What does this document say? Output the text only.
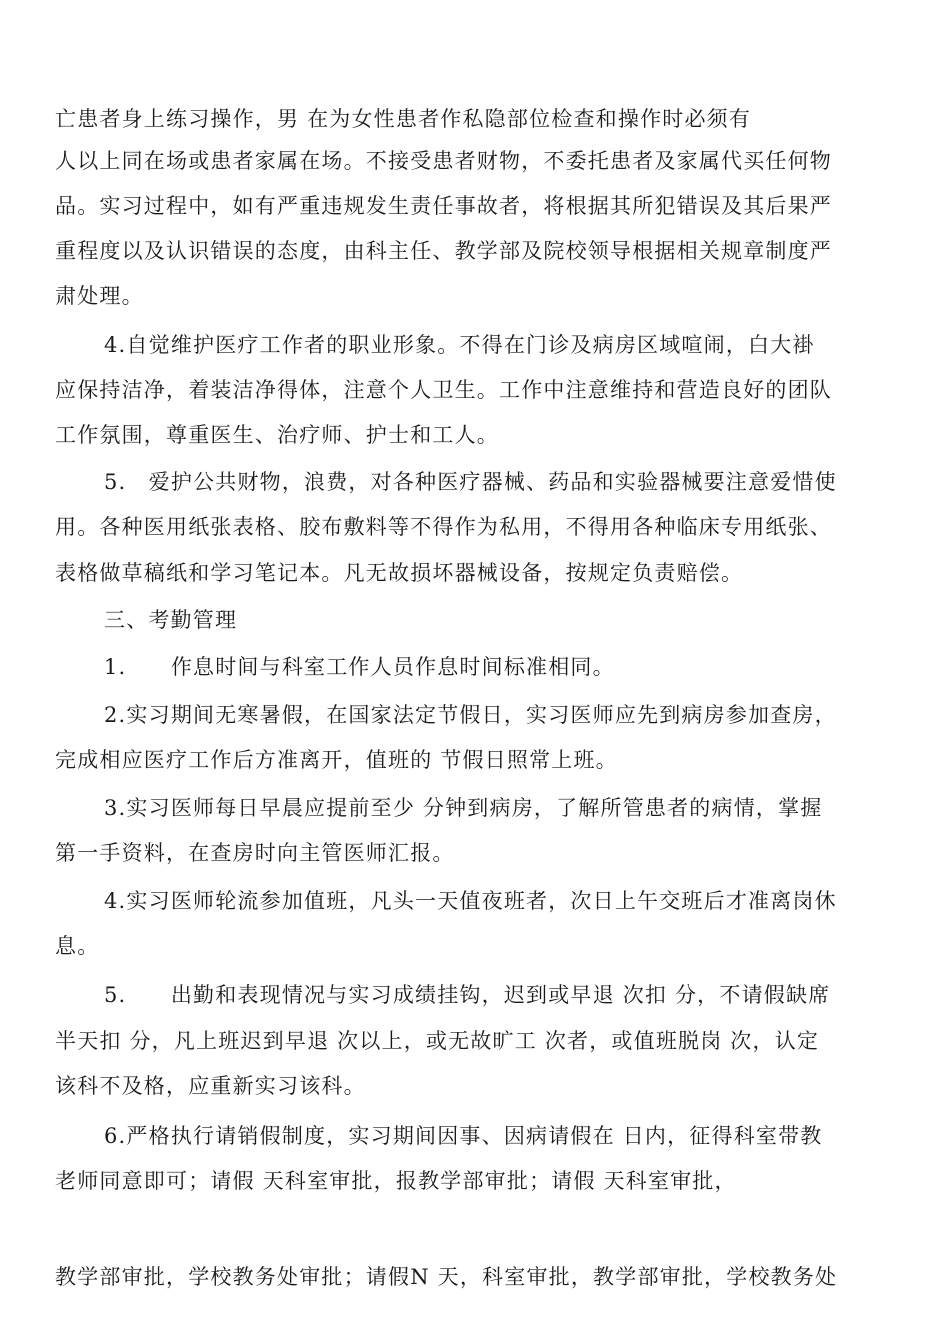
亡患者身上练习操作，男 在为女性患者作私隐部位检查和操作时必须有
人以上同在场或患者家属在场。不接受患者财物，不委托患者及家属代买任何物
品。实习过程中，如有严重违规发生责任事故者，将根据其所犯错误及其后果严
重程度以及认识错误的态度，由科主任、教学部及院校领导根据相关规章制度严
肃处理。
4.自觉维护医疗工作者的职业形象。不得在门诊及病房区域喧闹，白大褂
应保持洁净，着装洁净得体，注意个人卫生。工作中注意维持和营造良好的团队
工作氛围，尊重医生、治疗师、护士和工人。
5.　爱护公共财物，浪费，对各种医疗器械、药品和实验器械要注意爱惜使
用。各种医用纸张表格、胶布敷料等不得作为私用，不得用各种临床专用纸张、
表格做草稿纸和学习笔记本。凡无故损坏器械设备，按规定负责赔偿。
三、考勤管理
1.　　作息时间与科室工作人员作息时间标准相同。
2.实习期间无寒暑假，在国家法定节假日，实习医师应先到病房参加查房，
完成相应医疗工作后方准离开，值班的 节假日照常上班。
3.实习医师每日早晨应提前至少 分钟到病房，了解所管患者的病情，掌握
第一手资料，在查房时向主管医师汇报。
4.实习医师轮流参加值班，凡头一天值夜班者，次日上午交班后才准离岗休
息。
5.　　出勤和表现情况与实习成绩挂钩，迟到或早退 次扣 分，不请假缺席
半天扣 分，凡上班迟到早退 次以上，或无故旷工 次者，或值班脱岗 次，认定
该科不及格，应重新实习该科。
6.严格执行请销假制度，实习期间因事、因病请假在 日内，征得科室带教
老师同意即可；请假 天科室审批，报教学部审批；请假 天科室审批，
教学部审批，学校教务处审批；请假N 天，科室审批，教学部审批，学校教务处
